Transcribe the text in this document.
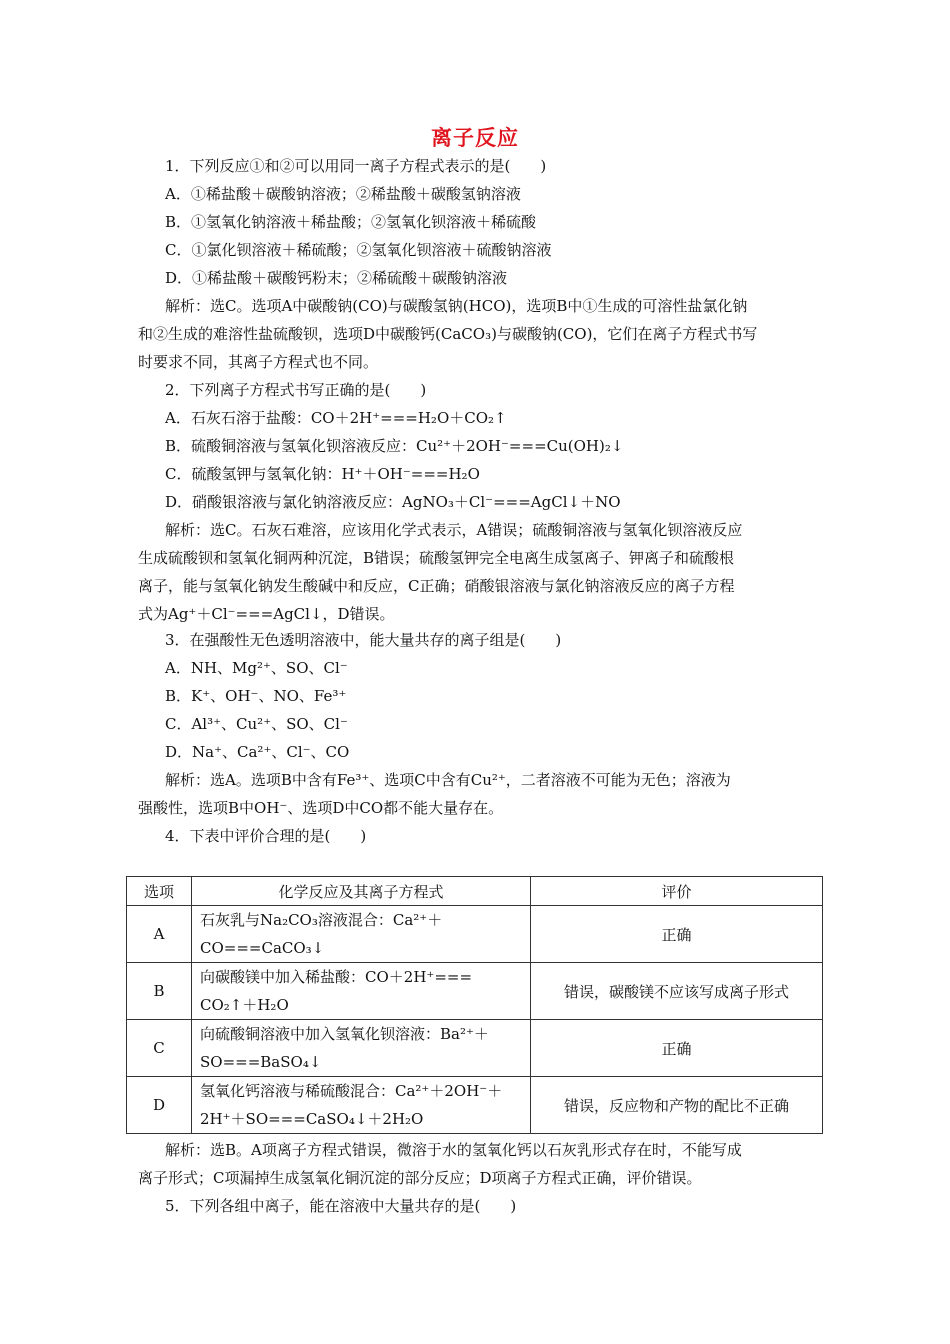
离子反应
1．下列反应①和②可以用同一离子方程式表示的是(　　)
A．①稀盐酸＋碳酸钠溶液；②稀盐酸＋碳酸氢钠溶液
B．①氢氧化钠溶液＋稀盐酸；②氢氧化钡溶液＋稀硫酸
C．①氯化钡溶液＋稀硫酸；②氢氧化钡溶液＋硫酸钠溶液
D．①稀盐酸＋碳酸钙粉末；②稀硫酸＋碳酸钠溶液
解析：选C。选项A中碳酸钠(CO)与碳酸氢钠(HCO)，选项B中①生成的可溶性盐氯化钠
和②生成的难溶性盐硫酸钡，选项D中碳酸钙(CaCO₃)与碳酸钠(CO)，它们在离子方程式书写
时要求不同，其离子方程式也不同。
2．下列离子方程式书写正确的是(　　)
A．石灰石溶于盐酸：CO＋2H⁺===H₂O＋CO₂↑
B．硫酸铜溶液与氢氧化钡溶液反应：Cu²⁺＋2OH⁻===Cu(OH)₂↓
C．硫酸氢钾与氢氧化钠：H⁺＋OH⁻===H₂O
D．硝酸银溶液与氯化钠溶液反应：AgNO₃＋Cl⁻===AgCl↓＋NO
解析：选C。石灰石难溶，应该用化学式表示，A错误；硫酸铜溶液与氢氧化钡溶液反应
生成硫酸钡和氢氧化铜两种沉淀，B错误；硫酸氢钾完全电离生成氢离子、钾离子和硫酸根
离子，能与氢氧化钠发生酸碱中和反应，C正确；硝酸银溶液与氯化钠溶液反应的离子方程
式为Ag⁺＋Cl⁻===AgCl↓，D错误。
3．在强酸性无色透明溶液中，能大量共存的离子组是(　　)
A．NH、Mg²⁺、SO、Cl⁻
B．K⁺、OH⁻、NO、Fe³⁺
C．Al³⁺、Cu²⁺、SO、Cl⁻
D．Na⁺、Ca²⁺、Cl⁻、CO
解析：选A。选项B中含有Fe³⁺、选项C中含有Cu²⁺，二者溶液不可能为无色；溶液为
强酸性，选项B中OH⁻、选项D中CO都不能大量存在。
4．下表中评价合理的是(　　)
选项	化学反应及其离子方程式	评价
A	石灰乳与Na₂CO₃溶液混合：Ca²⁺＋
CO===CaCO₃↓	正确
B	向碳酸镁中加入稀盐酸：CO＋2H⁺===
CO₂↑＋H₂O	错误，碳酸镁不应该写成离子形式
C	向硫酸铜溶液中加入氢氧化钡溶液：Ba²⁺＋
SO===BaSO₄↓	正确
D	氢氧化钙溶液与稀硫酸混合：Ca²⁺＋2OH⁻＋
2H⁺＋SO===CaSO₄↓＋2H₂O	错误，反应物和产物的配比不正确
解析：选B。A项离子方程式错误，微溶于水的氢氧化钙以石灰乳形式存在时，不能写成
离子形式；C项漏掉生成氢氧化铜沉淀的部分反应；D项离子方程式正确，评价错误。
5．下列各组中离子，能在溶液中大量共存的是(　　)
